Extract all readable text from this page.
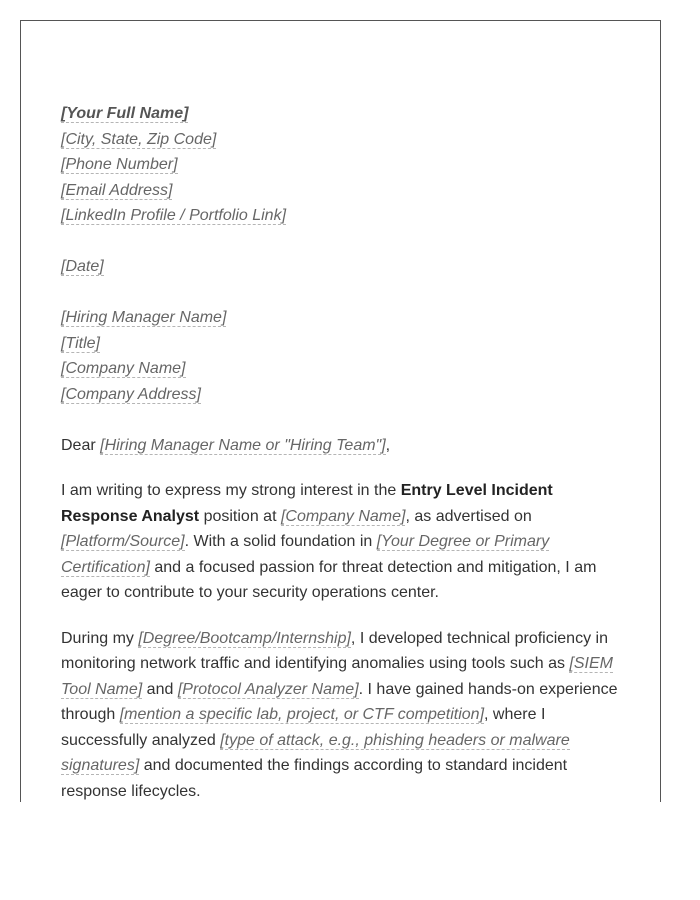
[Your Full Name]
[City, State, Zip Code]
[Phone Number]
[Email Address]
[LinkedIn Profile / Portfolio Link]
[Date]
[Hiring Manager Name]
[Title]
[Company Name]
[Company Address]

Dear [Hiring Manager Name or "Hiring Team"],

I am writing to express my strong interest in the Entry Level Incident Response Analyst position at [Company Name], as advertised on [Platform/Source]. With a solid foundation in [Your Degree or Primary Certification] and a focused passion for threat detection and mitigation, I am eager to contribute to your security operations center.

During my [Degree/Bootcamp/Internship], I developed technical proficiency in monitoring network traffic and identifying anomalies using tools such as [SIEM Tool Name] and [Protocol Analyzer Name]. I have gained hands-on experience through [mention a specific lab, project, or CTF competition], where I successfully analyzed [type of attack, e.g., phishing headers or malware signatures] and documented the findings according to standard incident response lifecycles.
